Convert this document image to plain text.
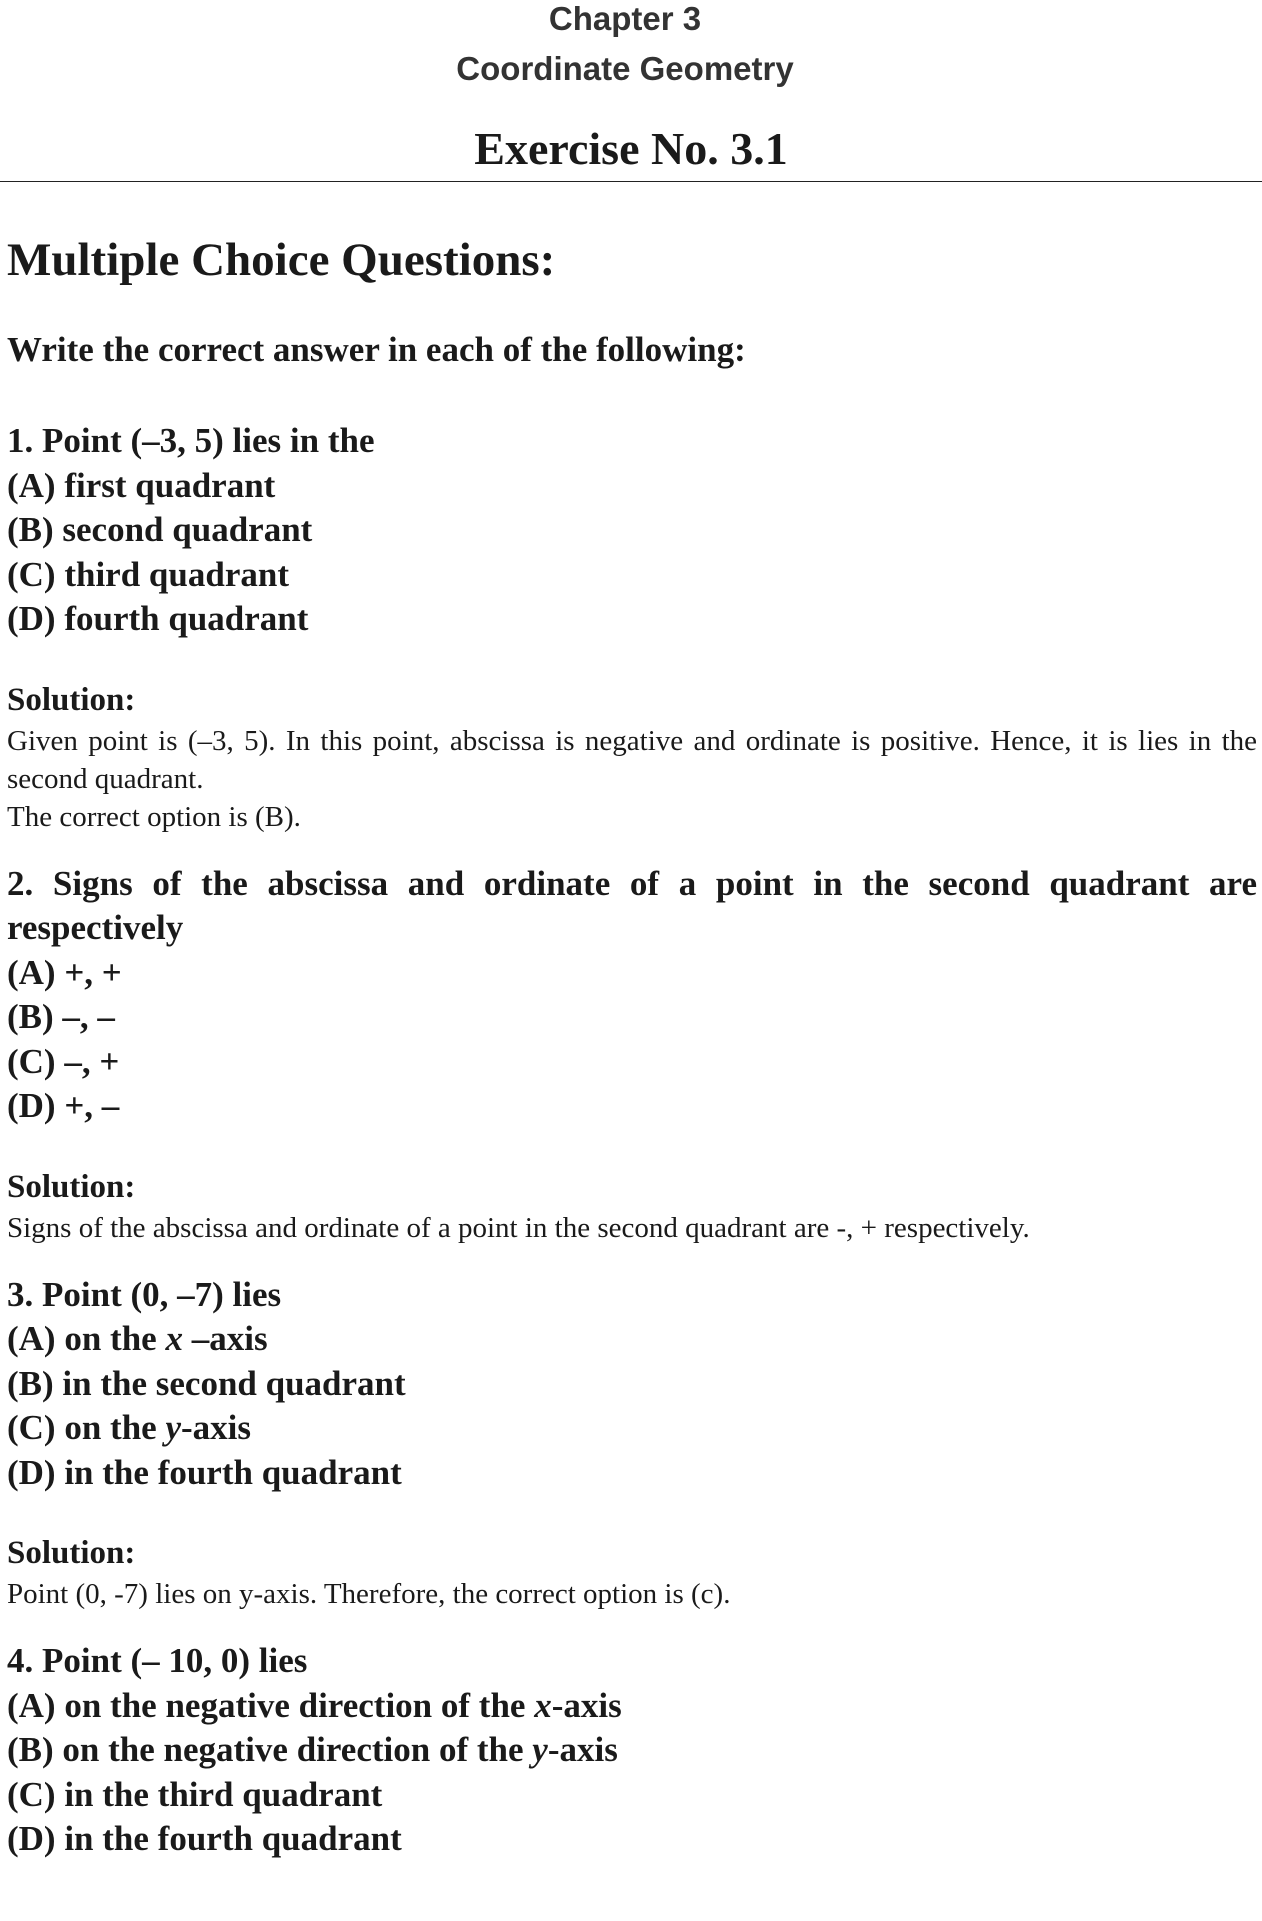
Chapter 3

Coordinate Geometry

Exercise No. 3.1
Multiple Choice Questions:

Write the correct answer in each of the following:

1. Point (–3, 5) lies in the

(A) first quadrant
(B) second quadrant
(C) third quadrant
(D) fourth quadrant

Solution:

Given point is (–3, 5). In this point, abscissa is negative and ordinate is positive. Hence, it is lies in the second quadrant.

The correct option is (B).

2. Signs of the abscissa and ordinate of a point in the second quadrant are respectively

(A) +, +
(B) –, –
(C) –, +
(D) +, –

Solution:

Signs of the abscissa and ordinate of a point in the second quadrant are -, + respectively.

3. Point (0, –7) lies

(A) on the x –axis
(B) in the second quadrant
(C) on the y-axis
(D) in the fourth quadrant

Solution:

Point (0, -7) lies on y-axis. Therefore, the correct option is (c).

4. Point (– 10, 0) lies

(A) on the negative direction of the x-axis
(B) on the negative direction of the y-axis
(C) in the third quadrant
(D) in the fourth quadrant
